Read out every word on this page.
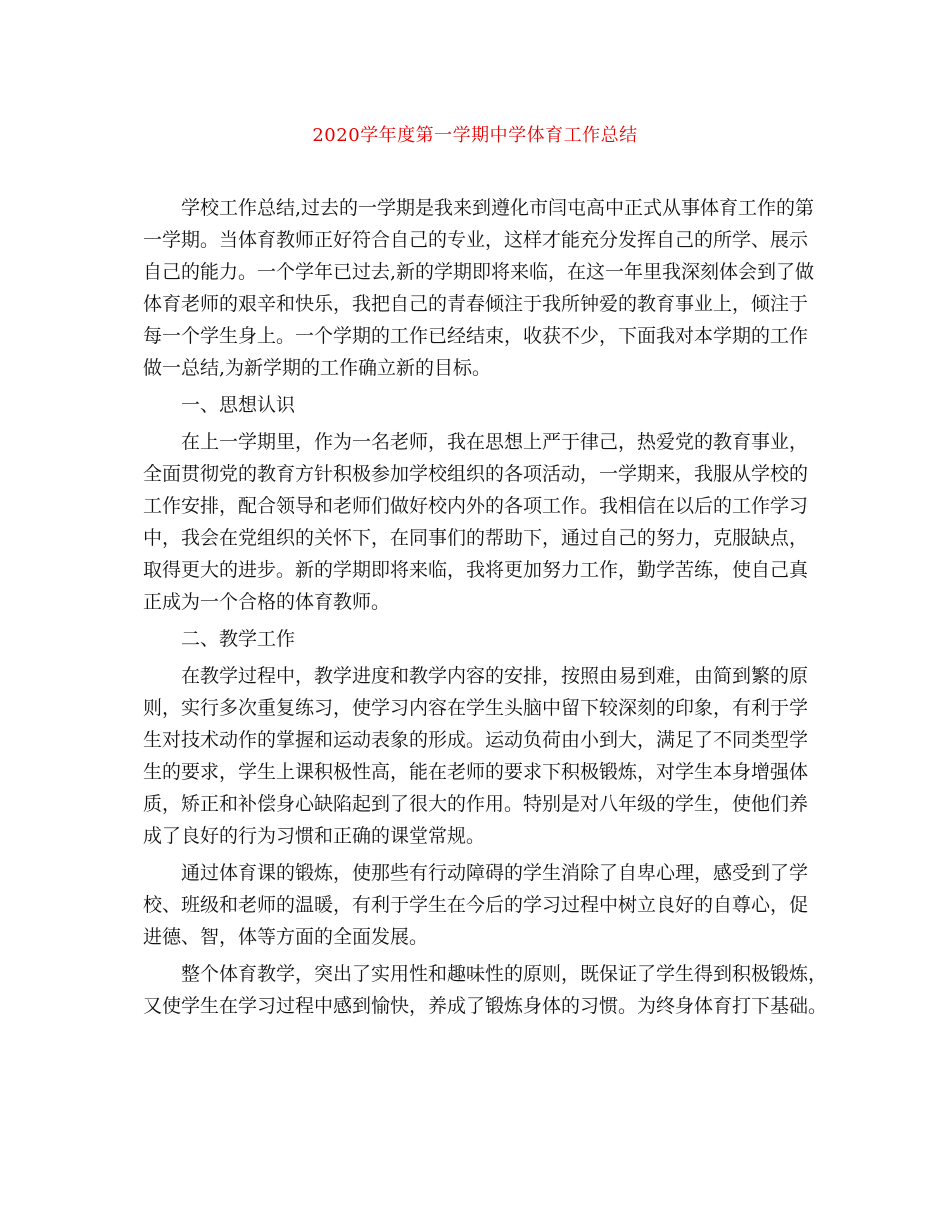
2020学年度第一学期中学体育工作总结
学校工作总结,过去的一学期是我来到遵化市闫屯高中正式从事体育工作的第
一学期。当体育教师正好符合自己的专业，这样才能充分发挥自己的所学、展示
自己的能力。一个学年已过去,新的学期即将来临，在这一年里我深刻体会到了做
体育老师的艰辛和快乐，我把自己的青春倾注于我所钟爱的教育事业上，倾注于
每一个学生身上。一个学期的工作已经结束，收获不少，下面我对本学期的工作
做一总结,为新学期的工作确立新的目标。
一、思想认识
在上一学期里，作为一名老师，我在思想上严于律己，热爱党的教育事业，
全面贯彻党的教育方针积极参加学校组织的各项活动，一学期来，我服从学校的
工作安排，配合领导和老师们做好校内外的各项工作。我相信在以后的工作学习
中，我会在党组织的关怀下，在同事们的帮助下，通过自己的努力，克服缺点，
取得更大的进步。新的学期即将来临，我将更加努力工作，勤学苦练，使自己真
正成为一个合格的体育教师。
二、教学工作
在教学过程中，教学进度和教学内容的安排，按照由易到难，由简到繁的原
则，实行多次重复练习，使学习内容在学生头脑中留下较深刻的印象，有利于学
生对技术动作的掌握和运动表象的形成。运动负荷由小到大，满足了不同类型学
生的要求，学生上课积极性高，能在老师的要求下积极锻炼，对学生本身增强体
质，矫正和补偿身心缺陷起到了很大的作用。特别是对八年级的学生，使他们养
成了良好的行为习惯和正确的课堂常规。
通过体育课的锻炼，使那些有行动障碍的学生消除了自卑心理，感受到了学
校、班级和老师的温暖，有利于学生在今后的学习过程中树立良好的自尊心，促
进德、智，体等方面的全面发展。
整个体育教学，突出了实用性和趣味性的原则，既保证了学生得到积极锻炼，
又使学生在学习过程中感到愉快，养成了锻炼身体的习惯。为终身体育打下基础。
